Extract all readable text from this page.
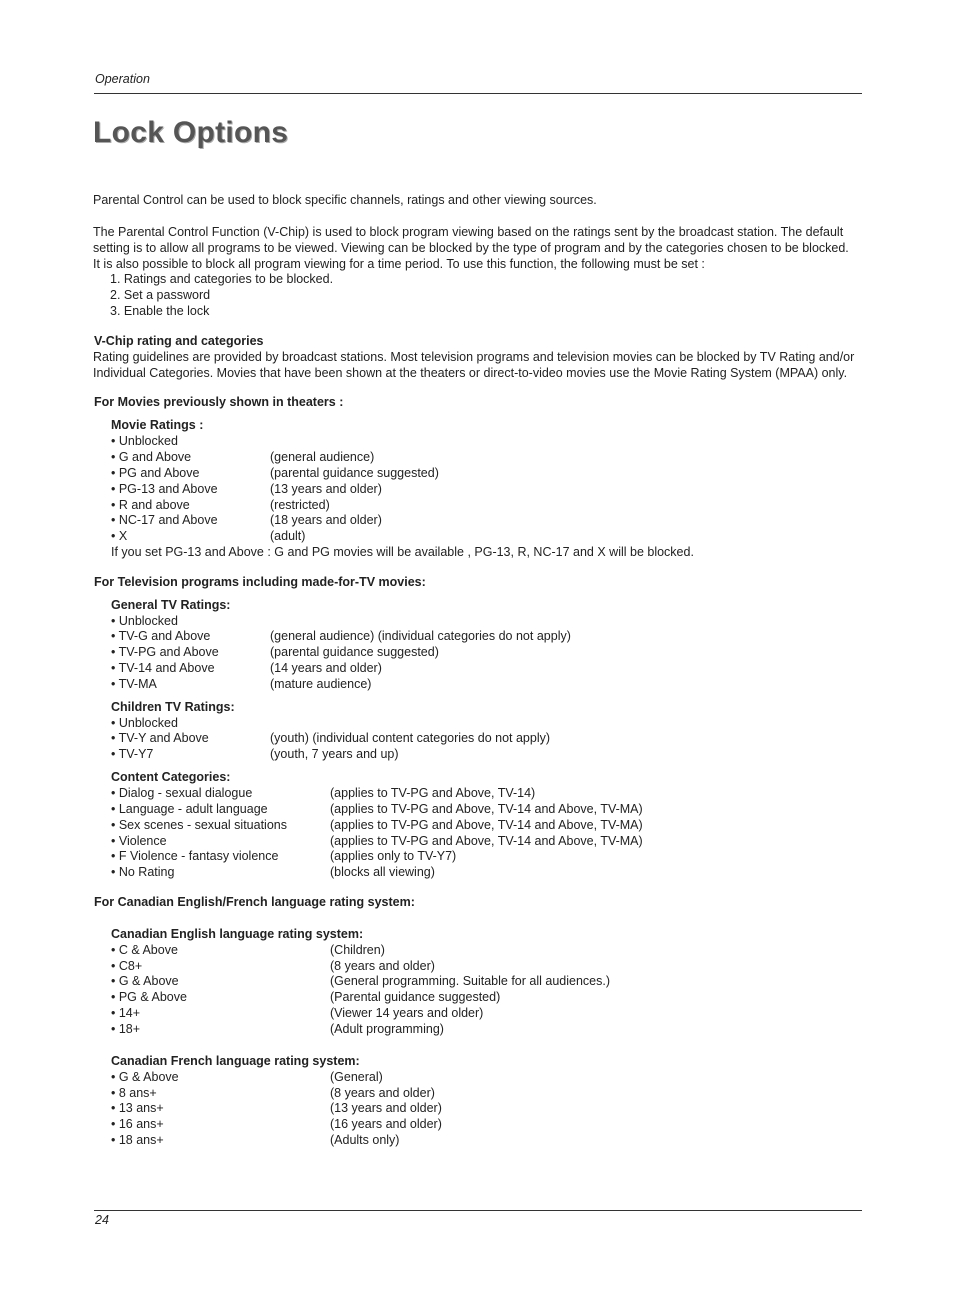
Operation
Lock Options

Parental Control can be used to block specific channels, ratings and other viewing sources.

The Parental Control Function (V-Chip) is used to block program viewing based on the ratings sent by the broadcast station. The default setting is to allow all programs to be viewed. Viewing can be blocked by the type of program and by the categories chosen to be blocked. It is also possible to block all program viewing for a time period. To use this function, the following must be set :

1. Ratings and categories to be blocked.
2. Set a password
3. Enable the lock
V-Chip rating and categories

Rating guidelines are provided by broadcast stations. Most television programs and television movies can be blocked by TV Rating and/or Individual Categories. Movies that have been shown at the theaters or direct-to-video movies use the Movie Rating System (MPAA) only.

For Movies previously shown in theaters :
Movie Ratings :
• Unblocked
• G and Above	(general audience)
• PG and Above	(parental guidance suggested)
• PG-13 and Above	(13 years and older)
• R and above	(restricted)
• NC-17 and Above	(18 years and older)
• X	(adult)
If you set PG-13 and Above : G and PG movies will be available , PG-13, R, NC-17 and X will be blocked.
For Television programs including made-for-TV movies:
General TV Ratings:
• Unblocked
• TV-G and Above	(general audience) (individual categories do not apply)
• TV-PG and Above	(parental guidance suggested)
• TV-14 and Above	(14 years and older)
• TV-MA	(mature audience)
Children TV Ratings:
• Unblocked
• TV-Y and Above	(youth) (individual content categories do not apply)
• TV-Y7	(youth, 7 years and up)
Content Categories:
• Dialog - sexual dialogue	(applies to TV-PG and Above, TV-14)
• Language - adult language	(applies to TV-PG and Above, TV-14 and Above, TV-MA)
• Sex scenes - sexual situations	(applies to TV-PG and Above, TV-14 and Above, TV-MA)
• Violence	(applies to TV-PG and Above, TV-14 and Above, TV-MA)
• F Violence - fantasy violence	(applies only to TV-Y7)
• No Rating	(blocks all viewing)
For Canadian English/French language rating system:
Canadian English language rating system:
• C & Above	(Children)
• C8+	(8 years and older)
• G & Above	(General programming. Suitable for all audiences.)
• PG & Above	(Parental guidance suggested)
• 14+	(Viewer 14 years and older)
• 18+	(Adult programming)
Canadian French language rating system:
• G & Above	(General)
• 8 ans+	(8 years and older)
• 13 ans+	(13 years and older)
• 16 ans+	(16 years and older)
• 18 ans+	(Adults only)
24
